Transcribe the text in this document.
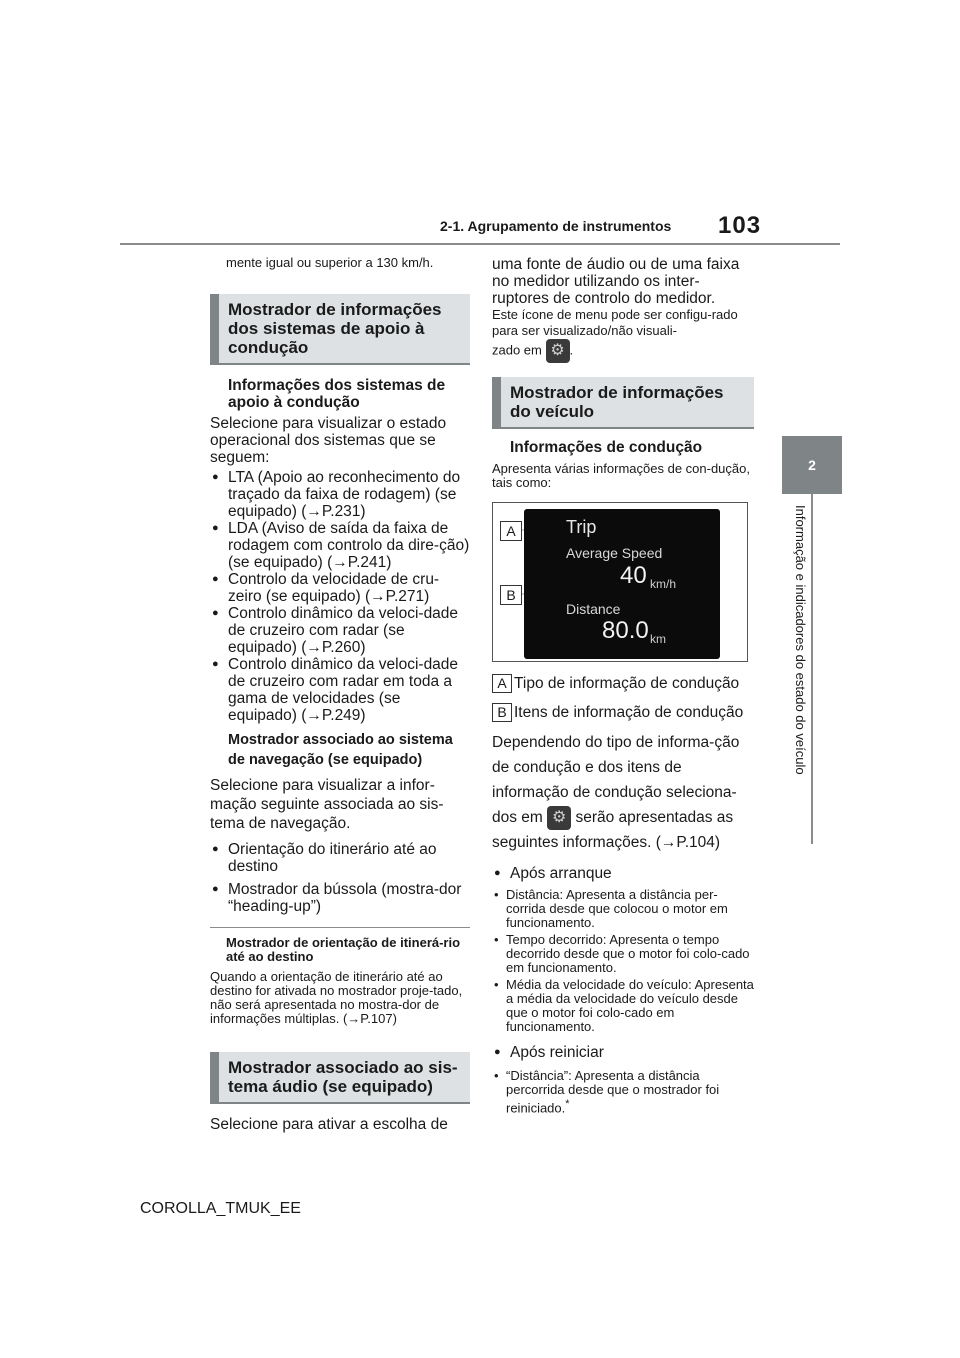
2-1. Agrupamento de instrumentos 103
2
Informação e indicadores do estado do veículo

mente igual ou superior a 130 km/h.

Mostrador de informações dos sistemas de apoio à condução

Informações dos sistemas de apoio à condução

Selecione para visualizar o estado operacional dos sistemas que se seguem:

● LTA (Apoio ao reconhecimento do traçado da faixa de rodagem) (se equipado) (→P.231)

● LDA (Aviso de saída da faixa de rodagem com controlo da dire-ção) (se equipado) (→P.241)

● Controlo da velocidade de cru-zeiro (se equipado) (→P.271)

● Controlo dinâmico da veloci-dade de cruzeiro com radar (se equipado) (→P.260)

● Controlo dinâmico da veloci-dade de cruzeiro com radar em toda a gama de velocidades (se equipado) (→P.249)

Mostrador associado ao sistema de navegação (se equipado)

Selecione para visualizar a infor-mação seguinte associada ao sis-tema de navegação.

● Orientação do itinerário até ao destino

● Mostrador da bússola (mostra-dor “heading-up”)

Mostrador de orientação de itinerá-rio até ao destino

Quando a orientação de itinerário até ao destino for ativada no mostrador proje-tado, não será apresentada no mostra-dor de informações múltiplas. (→P.107)

Mostrador associado ao sis-tema áudio (se equipado)

Selecione para ativar a escolha de

uma fonte de áudio ou de uma faixa no medidor utilizando os inter-ruptores de controlo do medidor.

Este ícone de menu pode ser configu-rado para ser visualizado/não visuali-
zado em ⚙ .

Mostrador de informações do veículo

Informações de condução

Apresenta várias informações de con-dução, tais como:

A
B
Trip
Average Speed
40 km/h
Distance
80.0 km

A Tipo de informação de condução

B Itens de informação de condução

Dependendo do tipo de informa-ção de condução e dos itens de informação de condução seleciona-dos em ⚙ serão apresentadas as seguintes informações. (→P.104)

● Após arranque

• Distância: Apresenta a distância per-corrida desde que colocou o motor em funcionamento.

• Tempo decorrido: Apresenta o tempo decorrido desde que o motor foi colo-cado em funcionamento.

• Média da velocidade do veículo: Apresenta a média da velocidade do veículo desde que o motor foi colo-cado em funcionamento.

● Após reiniciar

• “Distância”: Apresenta a distância percorrida desde que o mostrador foi reiniciado.*

COROLLA_TMUK_EE
